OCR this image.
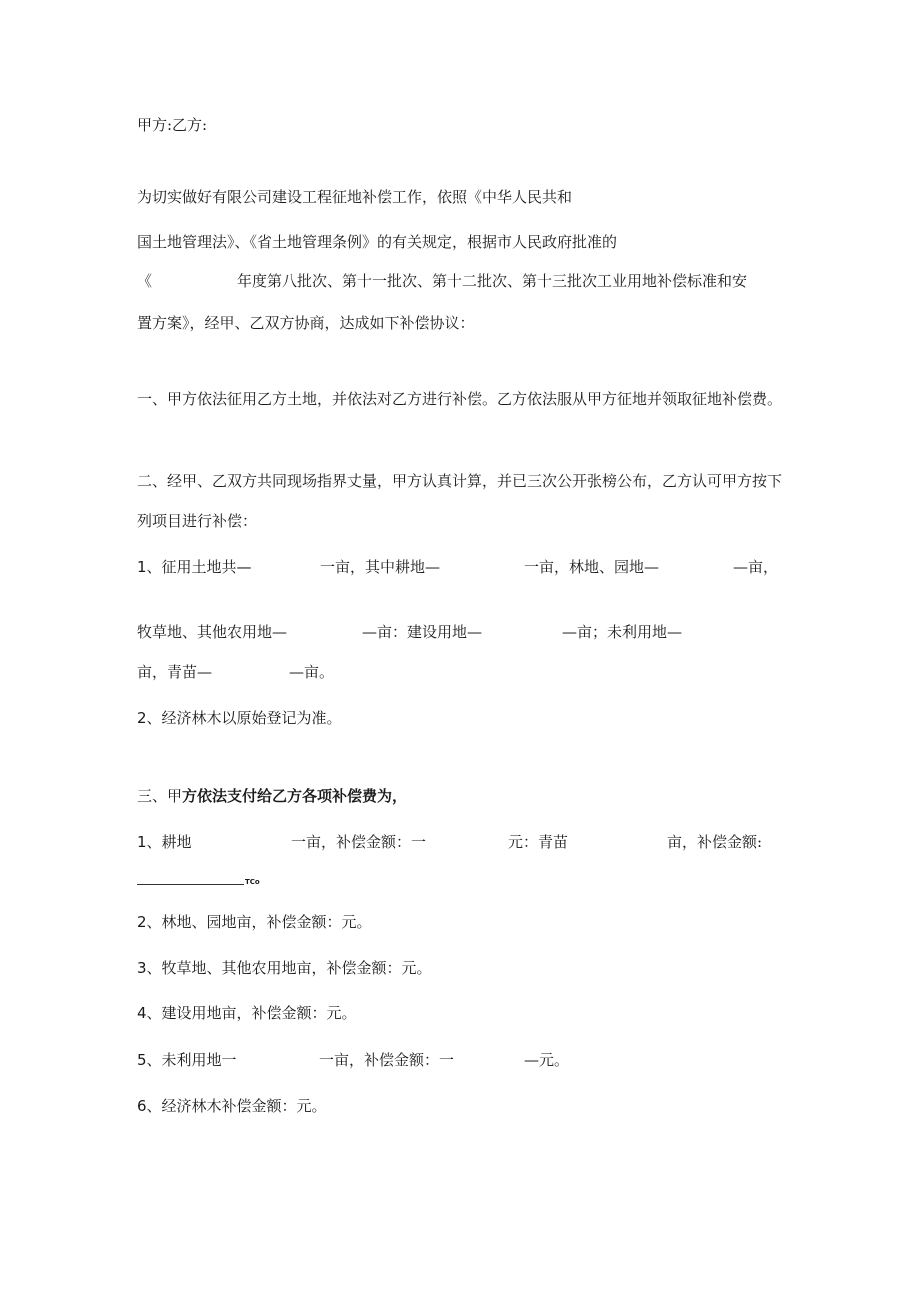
甲方:乙方:
为切实做好有限公司建设工程征地补偿工作，依照《中华人民共和
国土地管理法》、《省土地管理条例》的有关规定，根据市人民政府批准的
《	年度第八批次、第十一批次、第十二批次、第十三批次工业用地补偿标准和安
置方案》，经甲、乙双方协商，达成如下补偿协议：
一、甲方依法征用乙方土地，并依法对乙方进行补偿。乙方依法服从甲方征地并领取征地补偿费。
二、经甲、乙双方共同现场指界丈量，甲方认真计算，并已三次公开张榜公布，乙方认可甲方按下
列项目进行补偿：
1、征用土地共—	一亩，其中耕地—	一亩，林地、园地—	—亩，
牧草地、其他农用地—	—亩：建设用地—	—亩；未利用地—
亩，青苗—	—亩。
2、经济林木以原始登记为准。
三、甲方依法支付给乙方各项补偿费为，
1、耕地	一亩，补偿金额：一	元：青苗	亩，补偿金额:
TCo
2、林地、园地亩，补偿金额：元。
3、牧草地、其他农用地亩，补偿金额：元。
4、建设用地亩，补偿金额：元。
5、未利用地一	一亩，补偿金额：一	—元。
6、经济林木补偿金额：元。
